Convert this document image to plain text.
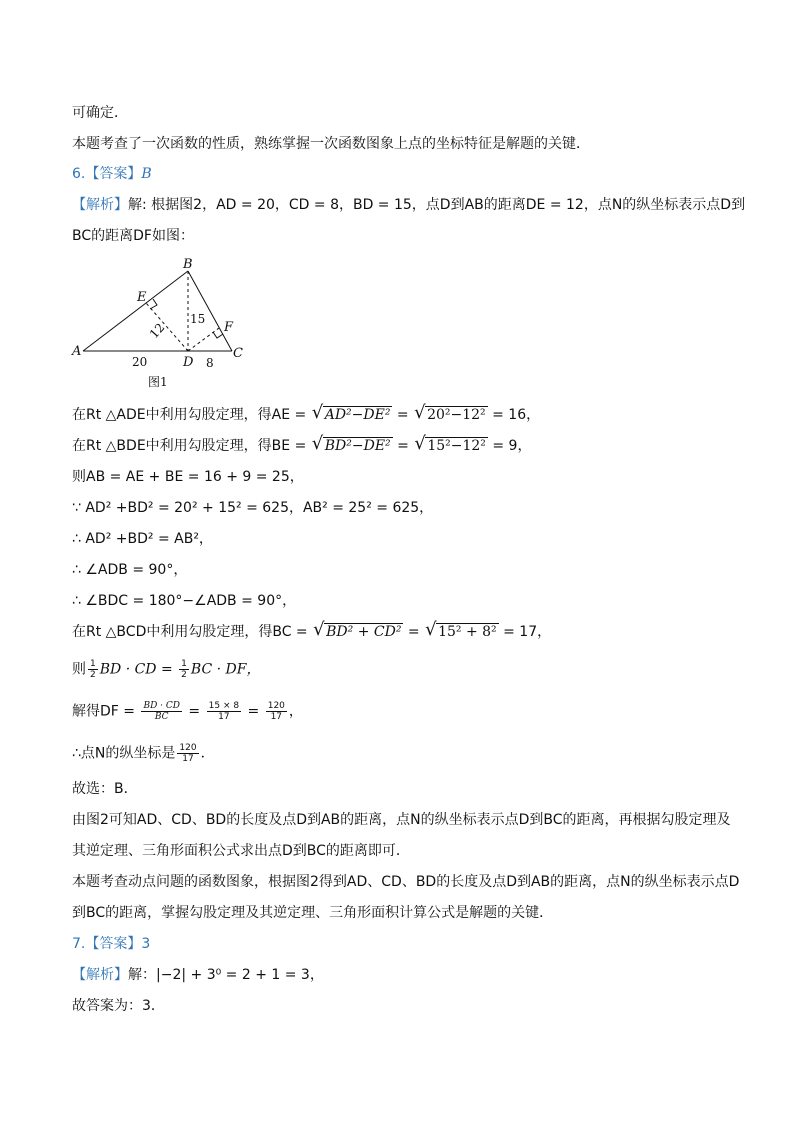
可确定．
本题考查了一次函数的性质，熟练掌握一次函数图象上点的坐标特征是解题的关键．
6.【答案】B
【解析】解: 根据图2，AD = 20，CD = 8，BD = 15，点D到AB的距离DE = 12，点N的纵坐标表示点D到
BC的距离DF如图：
A
B
C
D
E
F
20	8
15
12
图1
在Rt △ADE中利用勾股定理，得AE = √ AD²−DE² = √ 20²−12² = 16，
在Rt △BDE中利用勾股定理，得BE = √ BD²−DE² = √ 15²−12² = 9，
则AB = AE + BE = 16 + 9 = 25，
∵ AD² +BD² = 20² + 15² = 625，AB² = 25² = 625，
∴ AD² +BD² = AB²，
∴ ∠ADB = 90°，
∴ ∠BDC = 180°−∠ADB = 90°，
在Rt △BCD中利用勾股定理，得BC = √ BD² + CD² = √ 15² + 8² = 17，
则 $\frac{1}{2}$ BD · CD = $\frac{1}{2}$ BC · DF，
解得DF = $\frac{BD \cdot CD}{BC} = \frac{15 \times 8}{17} = \frac{120}{17}$ ，
∴点N的纵坐标是 $\frac{120}{17}$ ．
故选：B．
由图2可知AD、CD、BD的长度及点D到AB的距离，点N的纵坐标表示点D到BC的距离，再根据勾股定理及
其逆定理、三角形面积公式求出点D到BC的距离即可．
本题考查动点问题的函数图象，根据图2得到AD、CD、BD的长度及点D到AB的距离，点N的纵坐标表示点D
到BC的距离，掌握勾股定理及其逆定理、三角形面积计算公式是解题的关键．
7.【答案】3
【解析】解：|−2| + 3⁰ = 2 + 1 = 3，
故答案为：3．
